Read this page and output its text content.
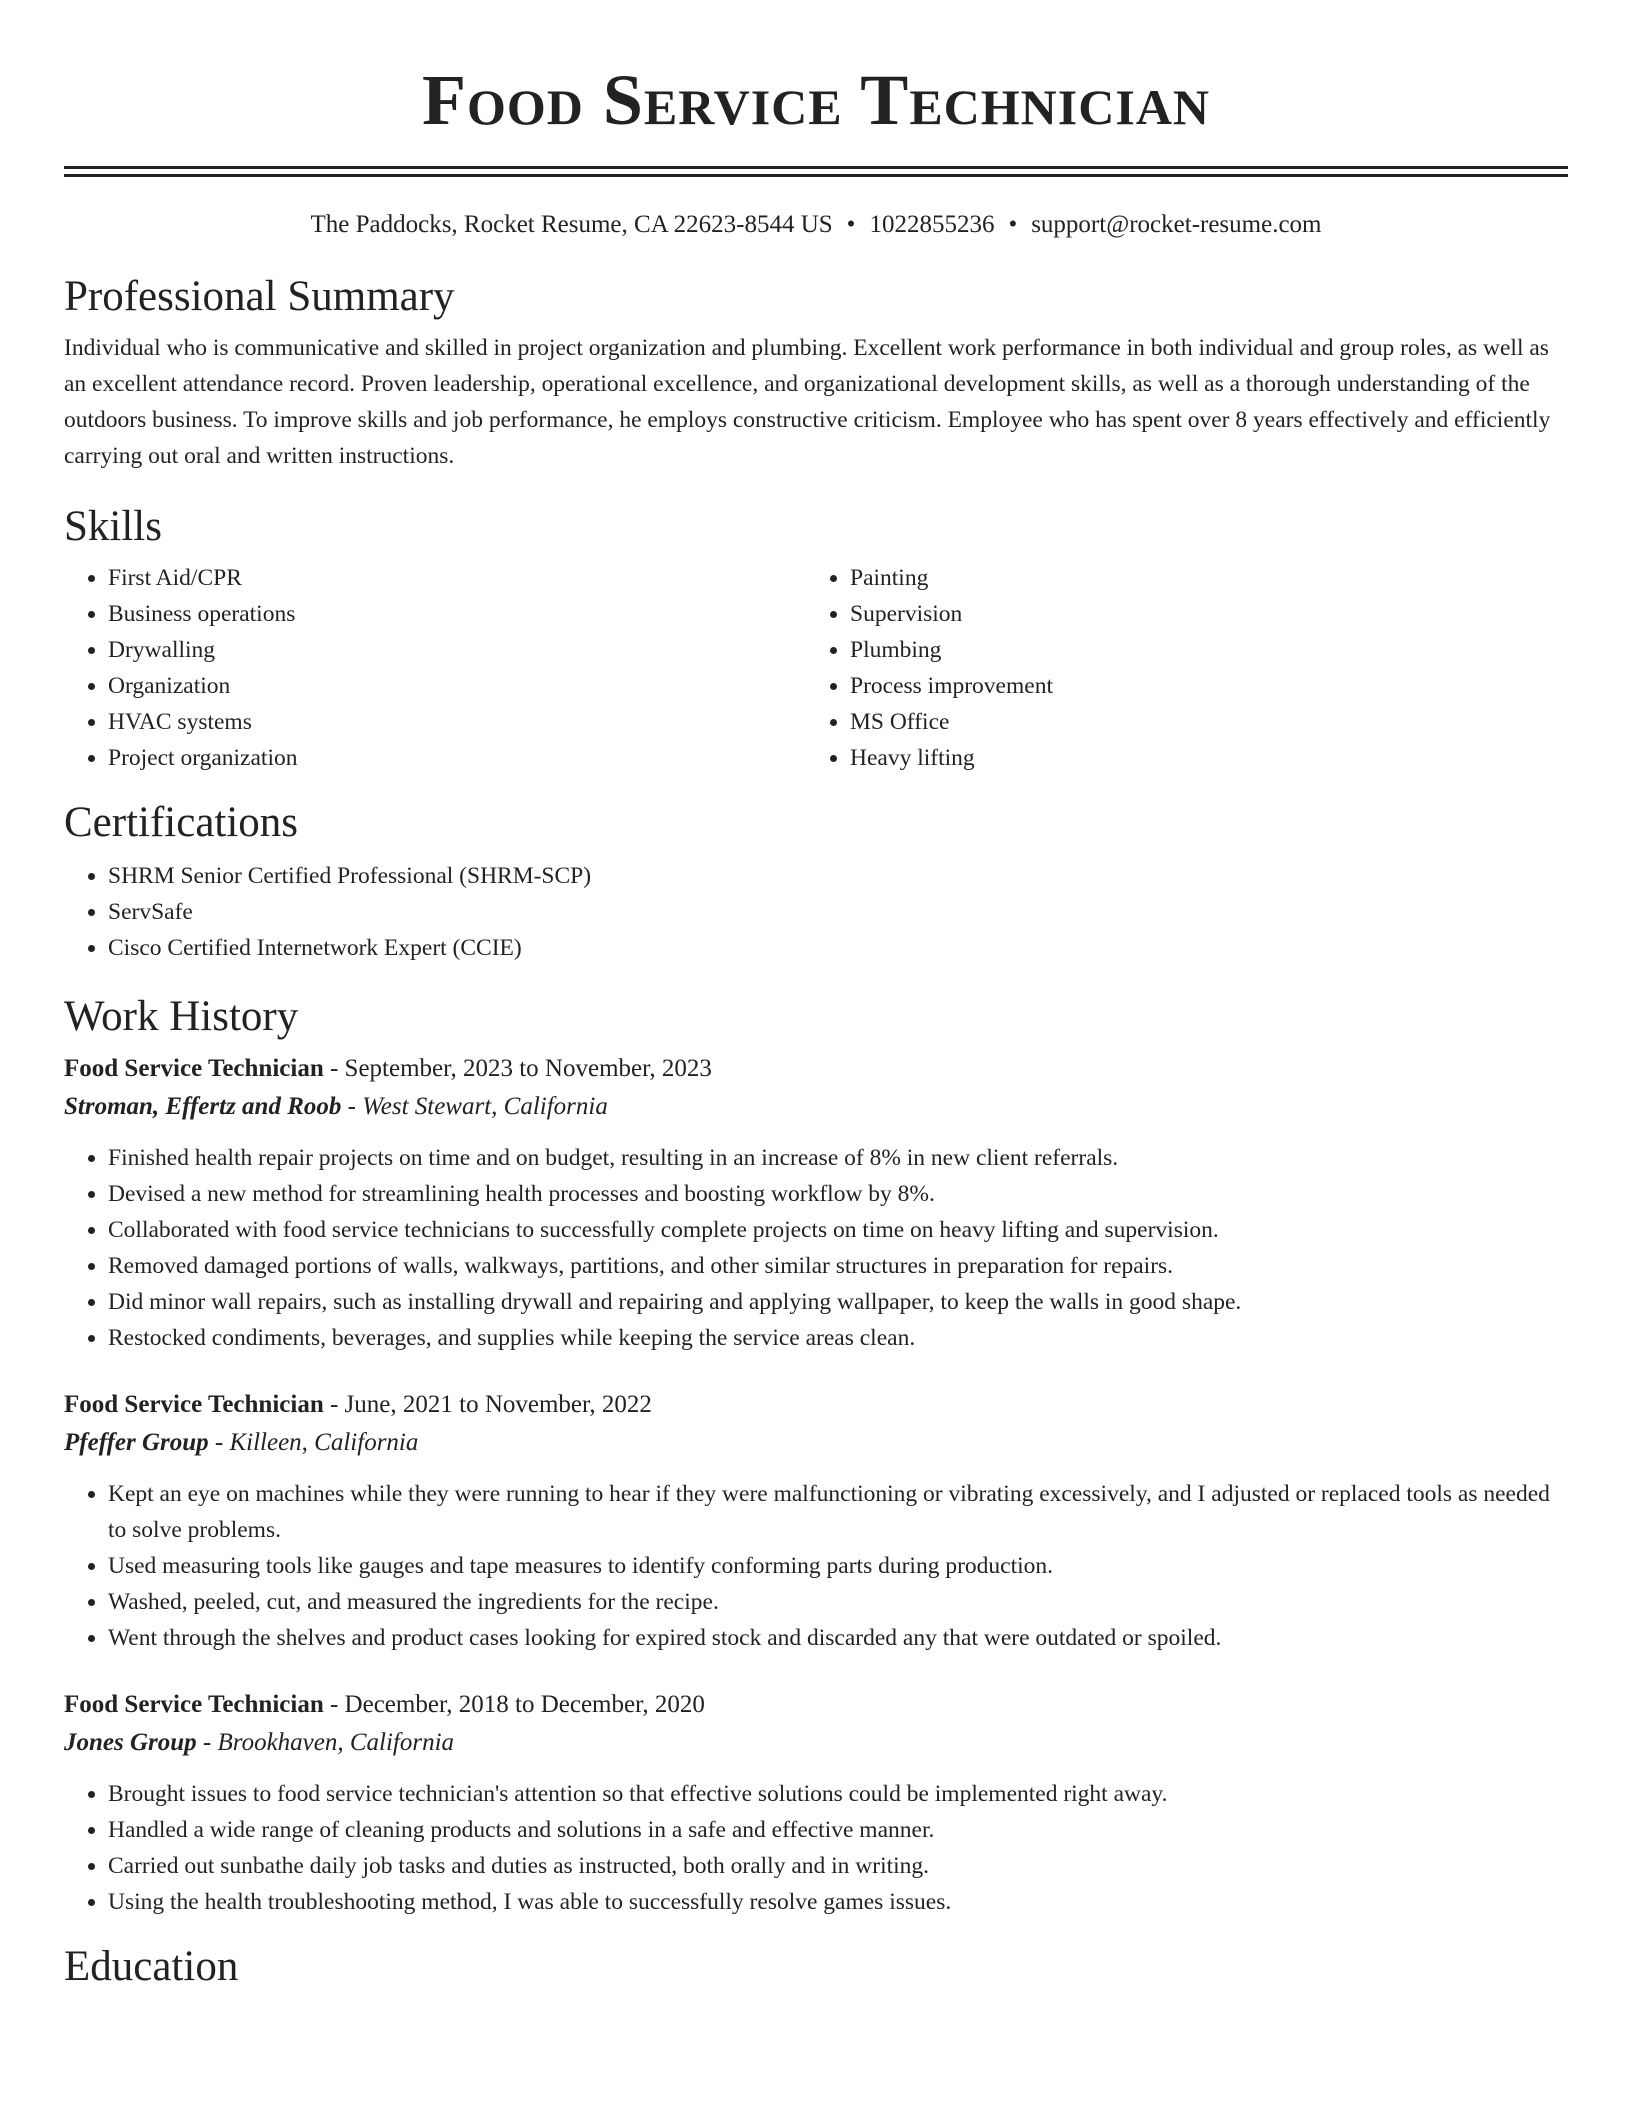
Food Service Technician
The Paddocks, Rocket Resume, CA 22623-8544 US • 1022855236 • support@rocket-resume.com
Professional Summary

Individual who is communicative and skilled in project organization and plumbing. Excellent work performance in both individual and group roles, as well as an excellent attendance record. Proven leadership, operational excellence, and organizational development skills, as well as a thorough understanding of the outdoors business. To improve skills and job performance, he employs constructive criticism. Employee who has spent over 8 years effectively and efficiently carrying out oral and written instructions.

Skills
• First Aid/CPR
• Business operations
• Drywalling
• Organization
• HVAC systems
• Project organization
• Painting
• Supervision
• Plumbing
• Process improvement
• MS Office
• Heavy lifting
Certifications
• SHRM Senior Certified Professional (SHRM-SCP)
• ServSafe
• Cisco Certified Internetwork Expert (CCIE)
Work History
Food Service Technician - September, 2023 to November, 2023
Stroman, Effertz and Roob - West Stewart, California
• Finished health repair projects on time and on budget, resulting in an increase of 8% in new client referrals.
• Devised a new method for streamlining health processes and boosting workflow by 8%.
• Collaborated with food service technicians to successfully complete projects on time on heavy lifting and supervision.
• Removed damaged portions of walls, walkways, partitions, and other similar structures in preparation for repairs.
• Did minor wall repairs, such as installing drywall and repairing and applying wallpaper, to keep the walls in good shape.
• Restocked condiments, beverages, and supplies while keeping the service areas clean.
Food Service Technician - June, 2021 to November, 2022
Pfeffer Group - Killeen, California
• Kept an eye on machines while they were running to hear if they were malfunctioning or vibrating excessively, and I adjusted or replaced tools as needed to solve problems.
• Used measuring tools like gauges and tape measures to identify conforming parts during production.
• Washed, peeled, cut, and measured the ingredients for the recipe.
• Went through the shelves and product cases looking for expired stock and discarded any that were outdated or spoiled.
Food Service Technician - December, 2018 to December, 2020
Jones Group - Brookhaven, California
• Brought issues to food service technician's attention so that effective solutions could be implemented right away.
• Handled a wide range of cleaning products and solutions in a safe and effective manner.
• Carried out sunbathe daily job tasks and duties as instructed, both orally and in writing.
• Using the health troubleshooting method, I was able to successfully resolve games issues.
Education
